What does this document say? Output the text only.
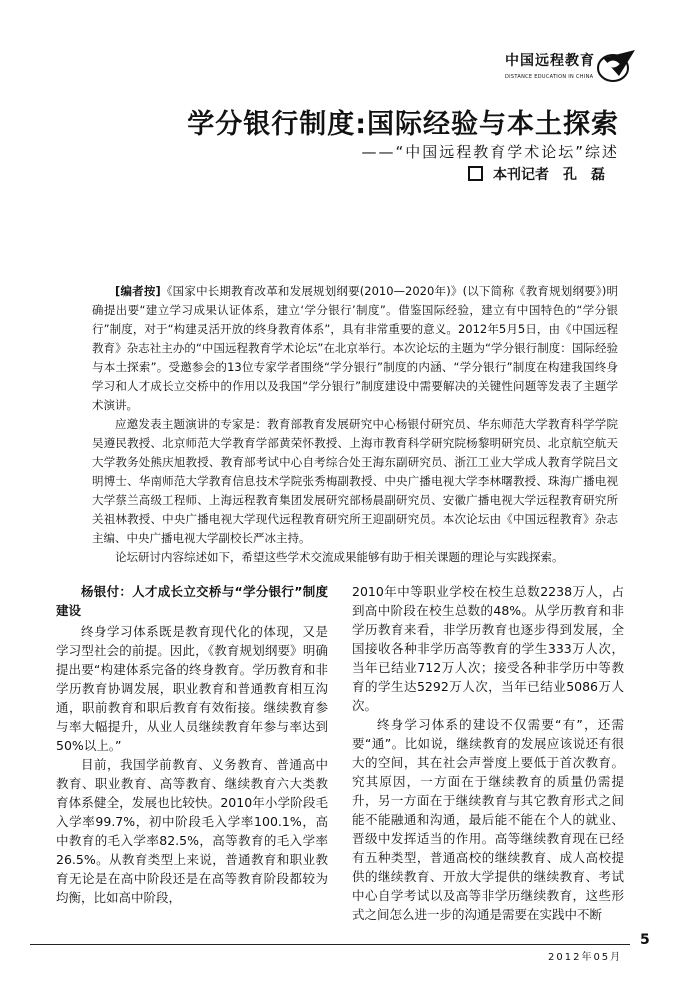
中国远程教育
DISTANCE EDUCATION IN CHINA
学分银行制度:国际经验与本土探索
——“中国远程教育学术论坛”综述
本刊记者 孔磊

[编者按]《国家中长期教育改革和发展规划纲要(2010—2020年)》(以下简称《教育规划纲要》)明确提出要“建立学习成果认证体系，建立‘学分银行’制度”。借鉴国际经验，建立有中国特色的“学分银行”制度，对于“构建灵活开放的终身教育体系”，具有非常重要的意义。2012年5月5日，由《中国远程教育》杂志社主办的“中国远程教育学术论坛”在北京举行。本次论坛的主题为“学分银行制度：国际经验与本土探索”。受邀参会的13位专家学者围绕“学分银行”制度的内涵、“学分银行”制度在构建我国终身学习和人才成长立交桥中的作用以及我国“学分银行”制度建设中需要解决的关键性问题等发表了主题学术演讲。

应邀发表主题演讲的专家是：教育部教育发展研究中心杨银付研究员、华东师范大学教育科学学院吴遵民教授、北京师范大学教育学部黄荣怀教授、上海市教育科学研究院杨黎明研究员、北京航空航天大学教务处熊庆旭教授、教育部考试中心自考综合处王海东副研究员、浙江工业大学成人教育学院吕文明博士、华南师范大学教育信息技术学院张秀梅副教授、中央广播电视大学李林曙教授、珠海广播电视大学蔡兰高级工程师、上海远程教育集团发展研究部杨晨副研究员、安徽广播电视大学远程教育研究所关祖林教授、中央广播电视大学现代远程教育研究所王迎副研究员。本次论坛由《中国远程教育》杂志主编、中央广播电视大学副校长严冰主持。

论坛研讨内容综述如下，希望这些学术交流成果能够有助于相关课题的理论与实践探索。

杨银付：人才成长立交桥与“学分银行”制度建设

终身学习体系既是教育现代化的体现，又是学习型社会的前提。因此，《教育规划纲要》明确提出要“构建体系完备的终身教育。学历教育和非学历教育协调发展，职业教育和普通教育相互沟通，职前教育和职后教育有效衔接。继续教育参与率大幅提升，从业人员继续教育年参与率达到50%以上。”

目前，我国学前教育、义务教育、普通高中教育、职业教育、高等教育、继续教育六大类教育体系健全，发展也比较快。2010年小学阶段毛入学率99.7%，初中阶段毛入学率100.1%，高中教育的毛入学率82.5%，高等教育的毛入学率26.5%。从教育类型上来说，普通教育和职业教育无论是在高中阶段还是在高等教育阶段都较为均衡，比如高中阶段，

2010年中等职业学校在校生总数2238万人，占到高中阶段在校生总数的48%。从学历教育和非学历教育来看，非学历教育也逐步得到发展，全国接收各种非学历高等教育的学生333万人次，当年已结业712万人次；接受各种非学历中等教育的学生达5292万人次，当年已结业5086万人次。

终身学习体系的建设不仅需要“有”，还需要“通”。比如说，继续教育的发展应该说还有很大的空间，其在社会声誉度上要低于首次教育。究其原因，一方面在于继续教育的质量仍需提升，另一方面在于继续教育与其它教育形式之间能不能融通和沟通，最后能不能在个人的就业、晋级中发挥适当的作用。高等继续教育现在已经有五种类型，普通高校的继续教育、成人高校提供的继续教育、开放大学提供的继续教育、考试中心自学考试以及高等非学历继续教育，这些形式之间怎么进一步的沟通是需要在实践中不断

2012年05月
5
